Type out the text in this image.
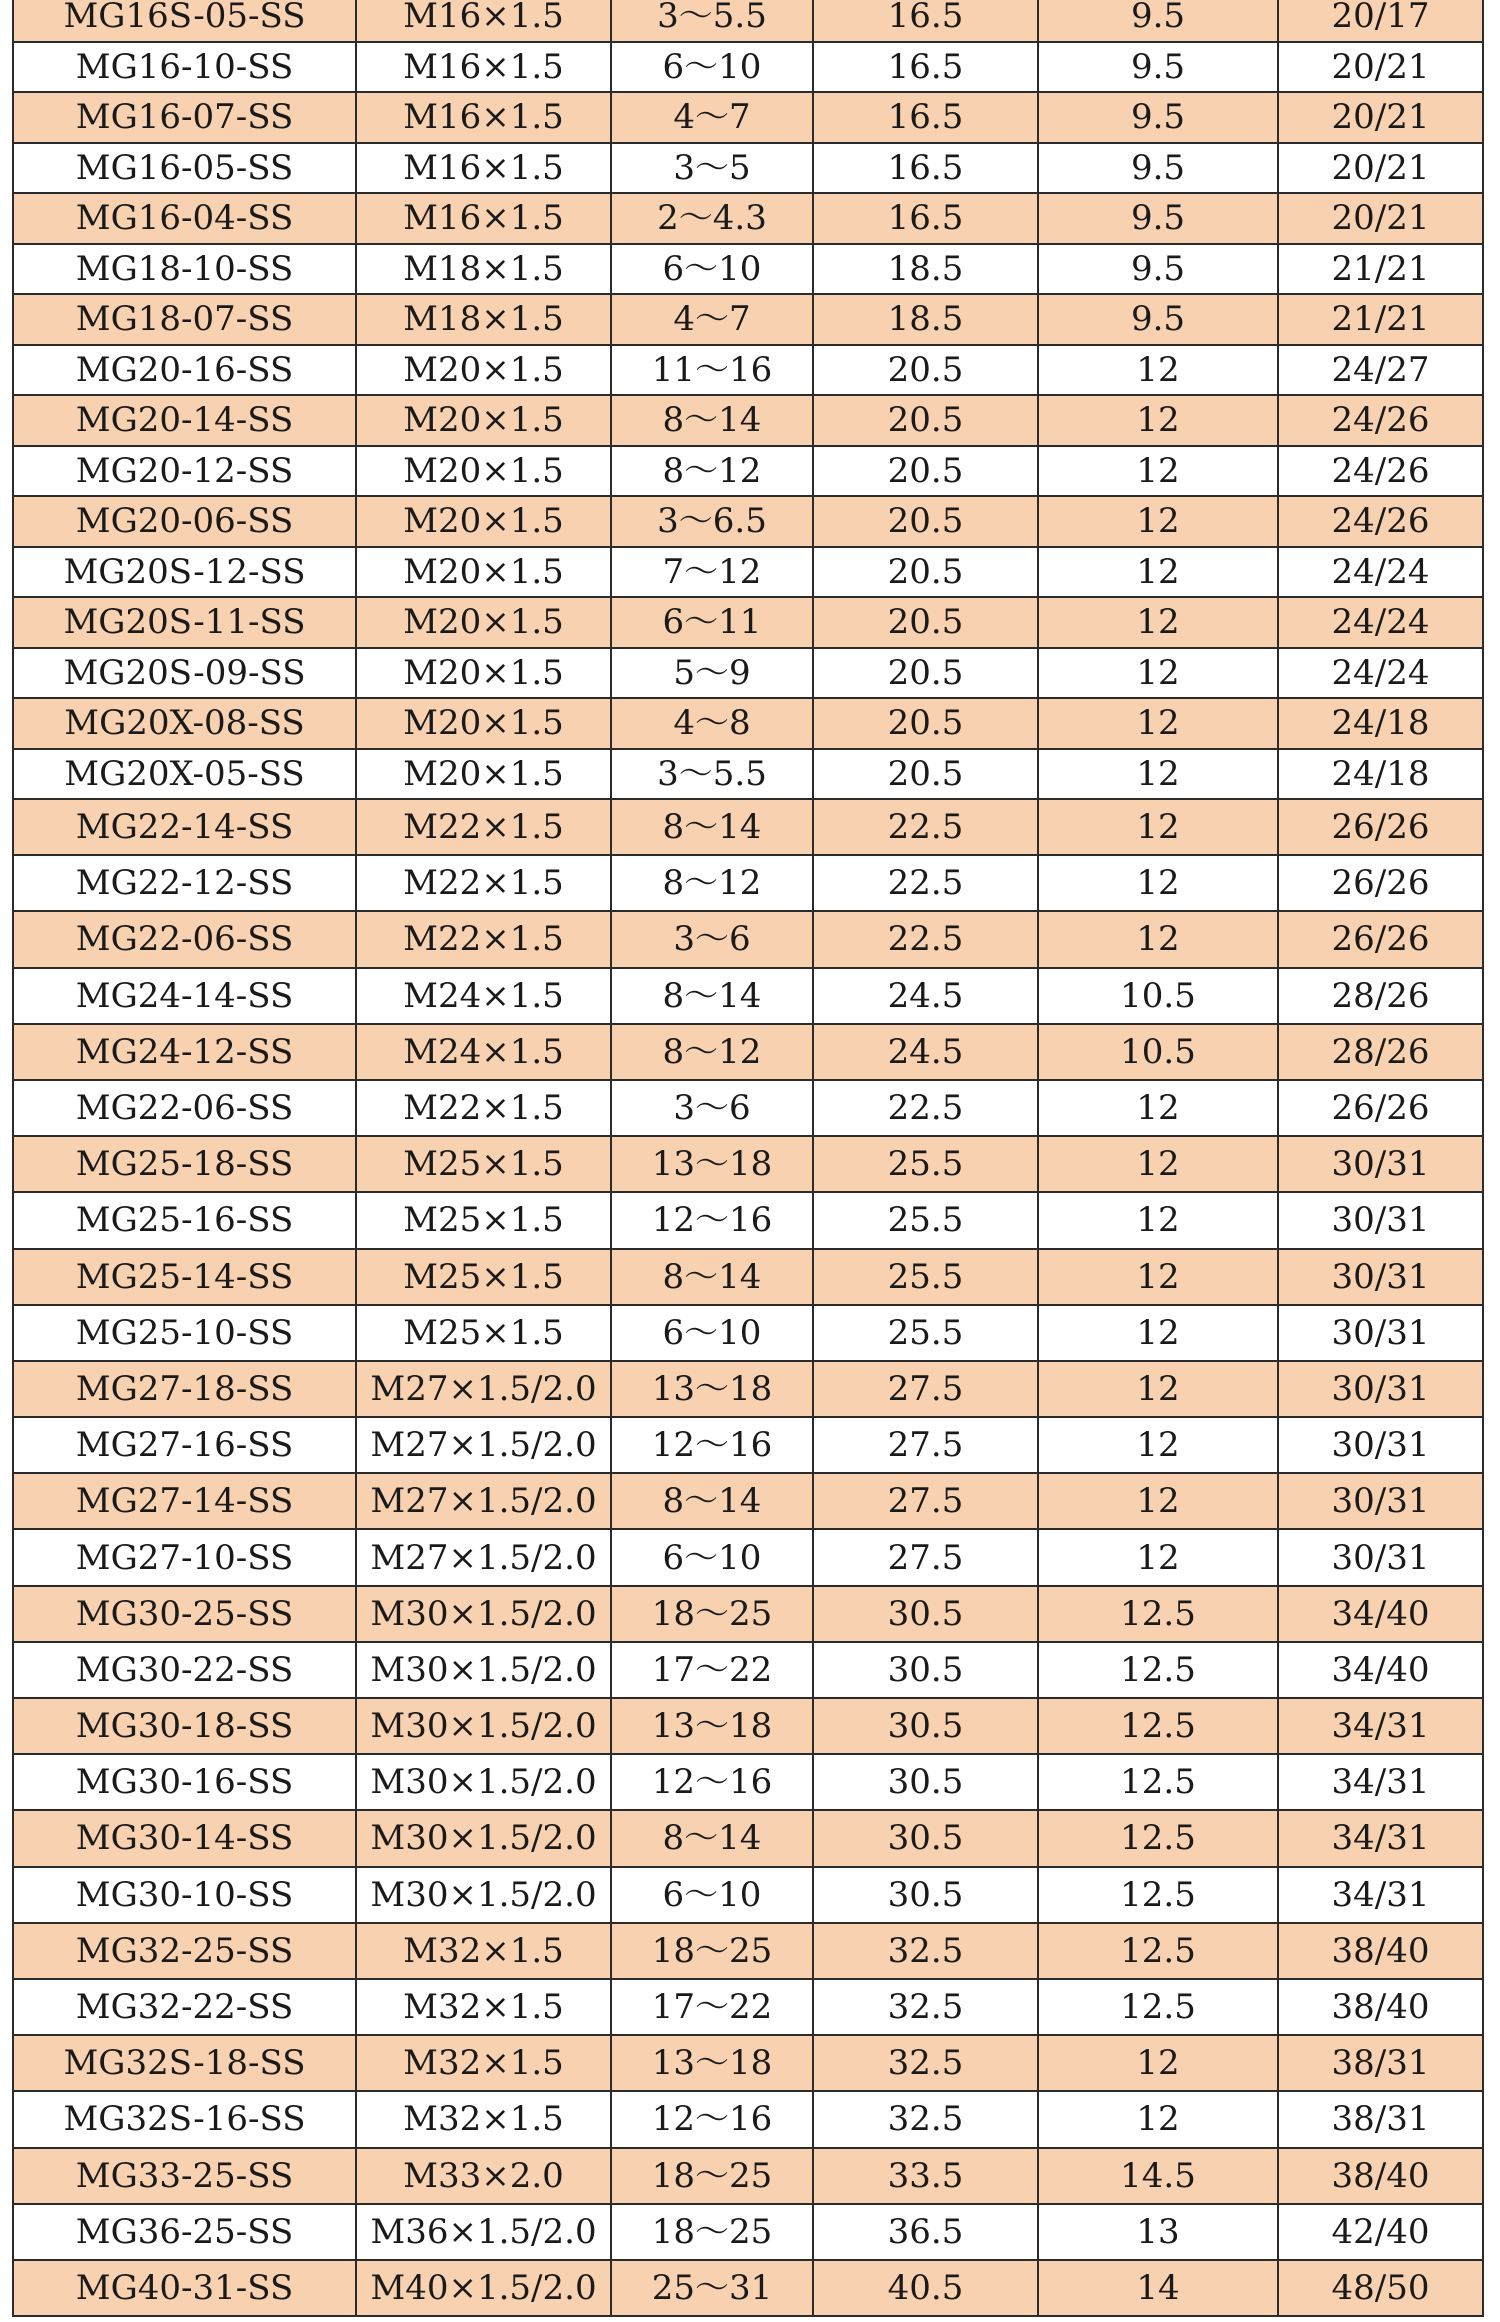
MG16S-05-SS	M16×1.5	3～5.5	16.5	9.5	20/17
MG16-10-SS	M16×1.5	6～10	16.5	9.5	20/21
MG16-07-SS	M16×1.5	4～7	16.5	9.5	20/21
MG16-05-SS	M16×1.5	3～5	16.5	9.5	20/21
MG16-04-SS	M16×1.5	2～4.3	16.5	9.5	20/21
MG18-10-SS	M18×1.5	6～10	18.5	9.5	21/21
MG18-07-SS	M18×1.5	4～7	18.5	9.5	21/21
MG20-16-SS	M20×1.5	11～16	20.5	12	24/27
MG20-14-SS	M20×1.5	8～14	20.5	12	24/26
MG20-12-SS	M20×1.5	8～12	20.5	12	24/26
MG20-06-SS	M20×1.5	3～6.5	20.5	12	24/26
MG20S-12-SS	M20×1.5	7～12	20.5	12	24/24
MG20S-11-SS	M20×1.5	6～11	20.5	12	24/24
MG20S-09-SS	M20×1.5	5～9	20.5	12	24/24
MG20X-08-SS	M20×1.5	4～8	20.5	12	24/18
MG20X-05-SS	M20×1.5	3～5.5	20.5	12	24/18
MG22-14-SS	M22×1.5	8～14	22.5	12	26/26
MG22-12-SS	M22×1.5	8～12	22.5	12	26/26
MG22-06-SS	M22×1.5	3～6	22.5	12	26/26
MG24-14-SS	M24×1.5	8～14	24.5	10.5	28/26
MG24-12-SS	M24×1.5	8～12	24.5	10.5	28/26
MG22-06-SS	M22×1.5	3～6	22.5	12	26/26
MG25-18-SS	M25×1.5	13～18	25.5	12	30/31
MG25-16-SS	M25×1.5	12～16	25.5	12	30/31
MG25-14-SS	M25×1.5	8～14	25.5	12	30/31
MG25-10-SS	M25×1.5	6～10	25.5	12	30/31
MG27-18-SS	M27×1.5/2.0	13～18	27.5	12	30/31
MG27-16-SS	M27×1.5/2.0	12～16	27.5	12	30/31
MG27-14-SS	M27×1.5/2.0	8～14	27.5	12	30/31
MG27-10-SS	M27×1.5/2.0	6～10	27.5	12	30/31
MG30-25-SS	M30×1.5/2.0	18～25	30.5	12.5	34/40
MG30-22-SS	M30×1.5/2.0	17～22	30.5	12.5	34/40
MG30-18-SS	M30×1.5/2.0	13～18	30.5	12.5	34/31
MG30-16-SS	M30×1.5/2.0	12～16	30.5	12.5	34/31
MG30-14-SS	M30×1.5/2.0	8～14	30.5	12.5	34/31
MG30-10-SS	M30×1.5/2.0	6～10	30.5	12.5	34/31
MG32-25-SS	M32×1.5	18～25	32.5	12.5	38/40
MG32-22-SS	M32×1.5	17～22	32.5	12.5	38/40
MG32S-18-SS	M32×1.5	13～18	32.5	12	38/31
MG32S-16-SS	M32×1.5	12～16	32.5	12	38/31
MG33-25-SS	M33×2.0	18～25	33.5	14.5	38/40
MG36-25-SS	M36×1.5/2.0	18～25	36.5	13	42/40
MG40-31-SS	M40×1.5/2.0	25～31	40.5	14	48/50
